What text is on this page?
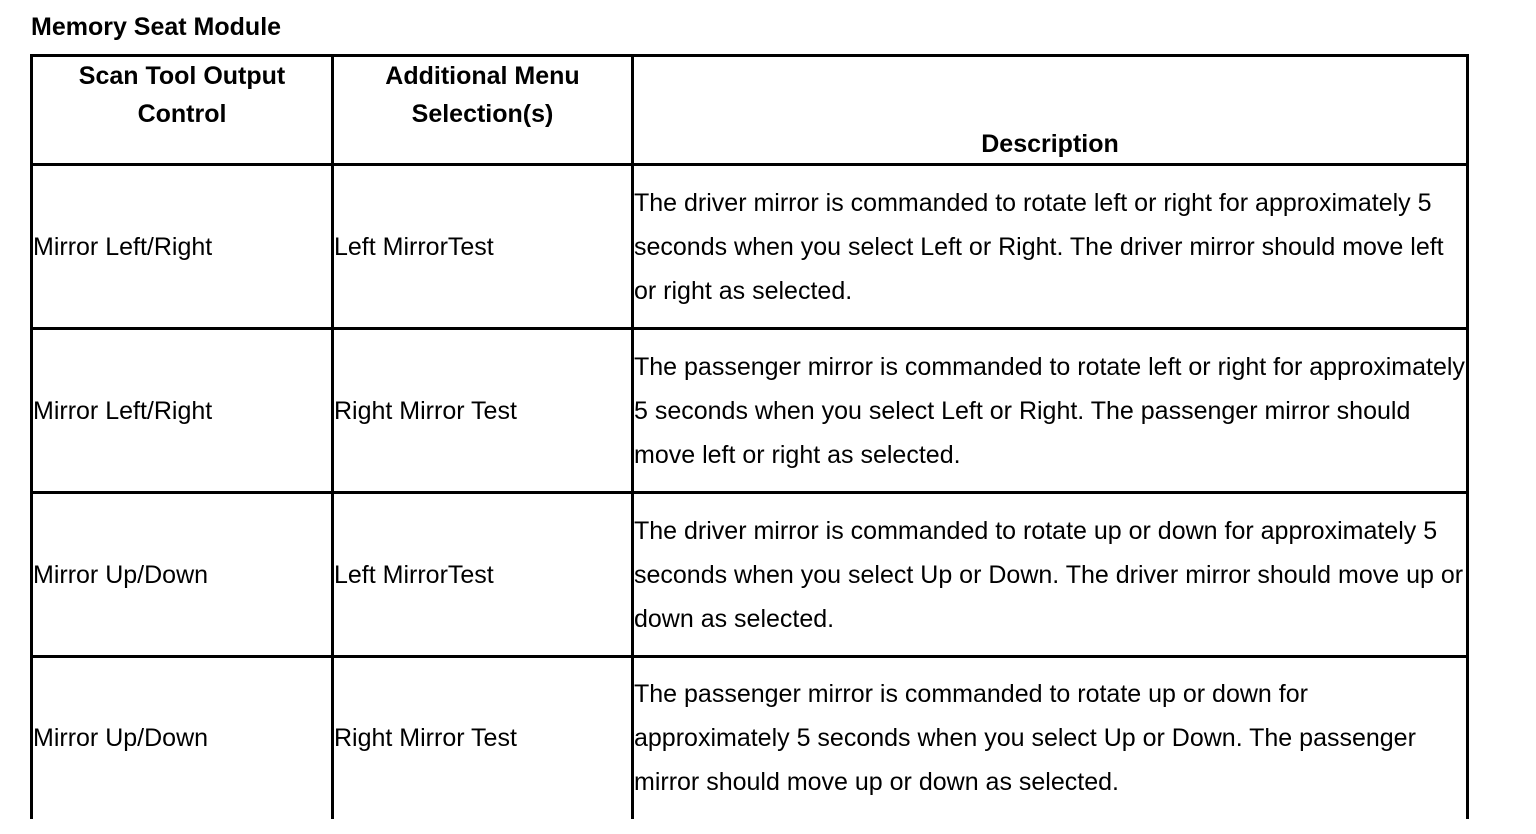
Memory Seat Module
Scan Tool Output Control	Additional Menu Selection(s)	Description
Mirror Left/Right	Left MirrorTest	The driver mirror is commanded to rotate left or right for approximately 5 seconds when you select Left or Right. The driver mirror should move left or right as selected.

Mirror Left/Right	Right Mirror Test	The passenger mirror is commanded to rotate left or right for approximately 5 seconds when you select Left or Right. The passenger mirror should move left or right as selected.

Mirror Up/Down	Left MirrorTest	The driver mirror is commanded to rotate up or down for approximately 5 seconds when you select Up or Down. The driver mirror should move up or down as selected.

Mirror Up/Down	Right Mirror Test	The passenger mirror is commanded to rotate up or down for approximately 5 seconds when you select Up or Down. The passenger mirror should move up or down as selected.
